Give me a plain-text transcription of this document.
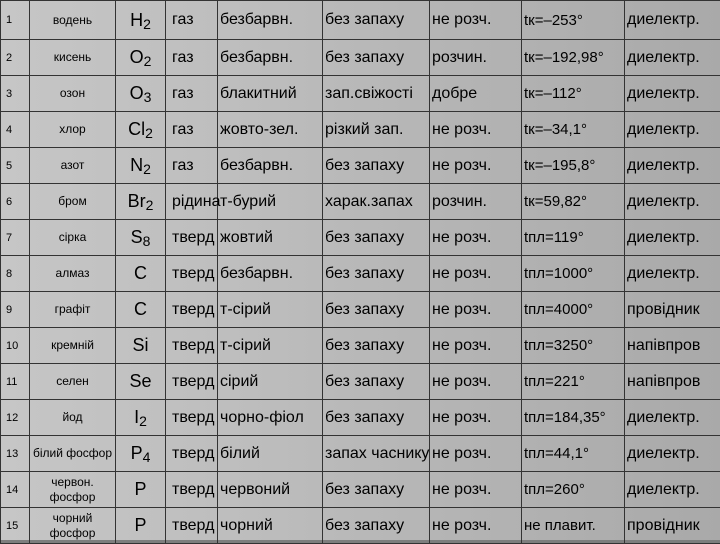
1	водень	H2	газ	безбарвн.	без запаху	не розч.	tк=–253°	диелектр.
2	кисень	O2	газ	безбарвн.	без запаху	розчин.	tк=–192,98°	диелектр.
3	озон	O3	газ	блакитний	зап.свіжості	добре	tк=–112°	диелектр.
4	хлор	Cl2	газ	жовто-зел.	різкий зап.	не розч.	tк=–34,1°	диелектр.
5	азот	N2	газ	безбарвн.	без запаху	не розч.	tк=–195,8°	диелектр.
6	бром	Br2	рідина	т-бурий	харак.запах	розчин.	tк=59,82°	диелектр.
7	сірка	S8	тверд	жовтий	без запаху	не розч.	tпл=119°	диелектр.
8	алмаз	C	тверд	безбарвн.	без запаху	не розч.	tпл=1000°	диелектр.
9	графіт	C	тверд	т-сірий	без запаху	не розч.	tпл=4000°	провідник
10	кремній	Si	тверд	т-сірий	без запаху	не розч.	tпл=3250°	напівпров
11	селен	Se	тверд	сірий	без запаху	не розч.	tпл=221°	напівпров
12	йод	I2	тверд	чорно-фіол	без запаху	не розч.	tпл=184,35°	диелектр.
13	білий фосфор	P4	тверд	білий	запах часнику	не розч.	tпл=44,1°	диелектр.
14	червон. фосфор	P	тверд	червоний	без запаху	не розч.	tпл=260°	диелектр.
15	чорний фосфор	P	тверд	чорний	без запаху	не розч.	не плавит.	провідник
